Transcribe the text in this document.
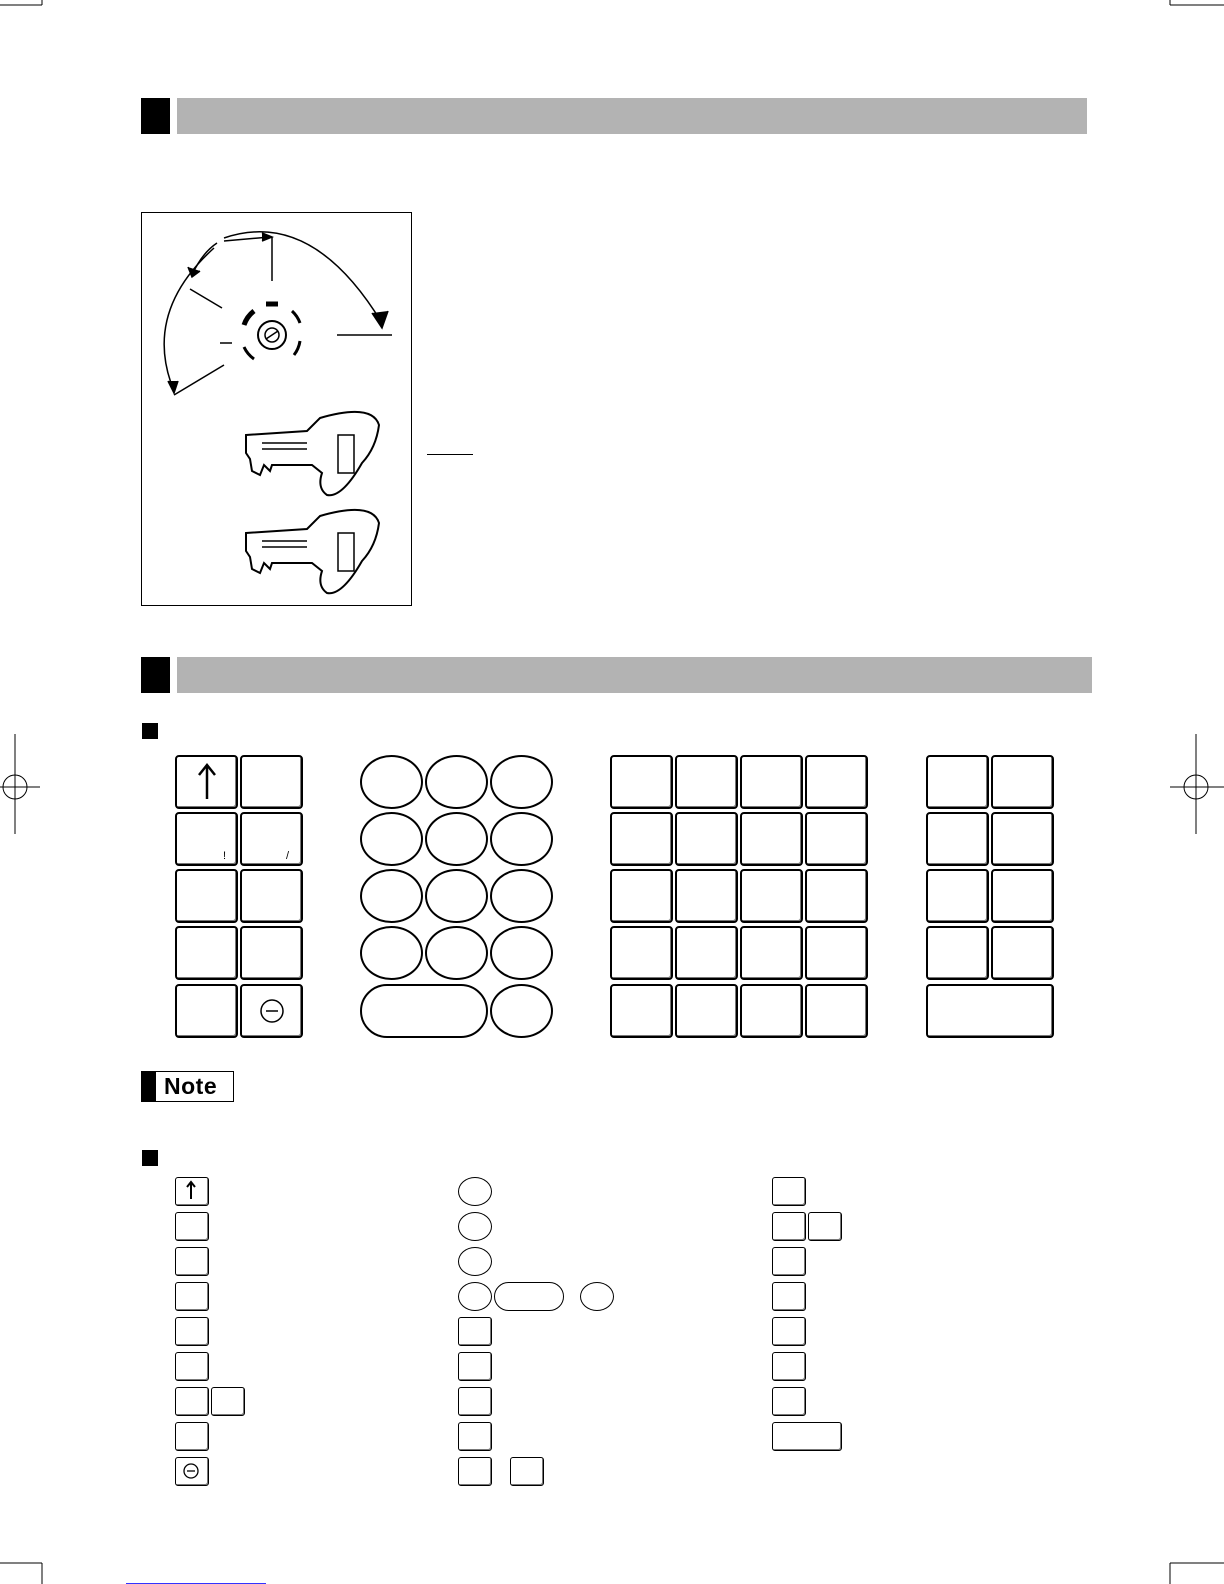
!	/
Note
